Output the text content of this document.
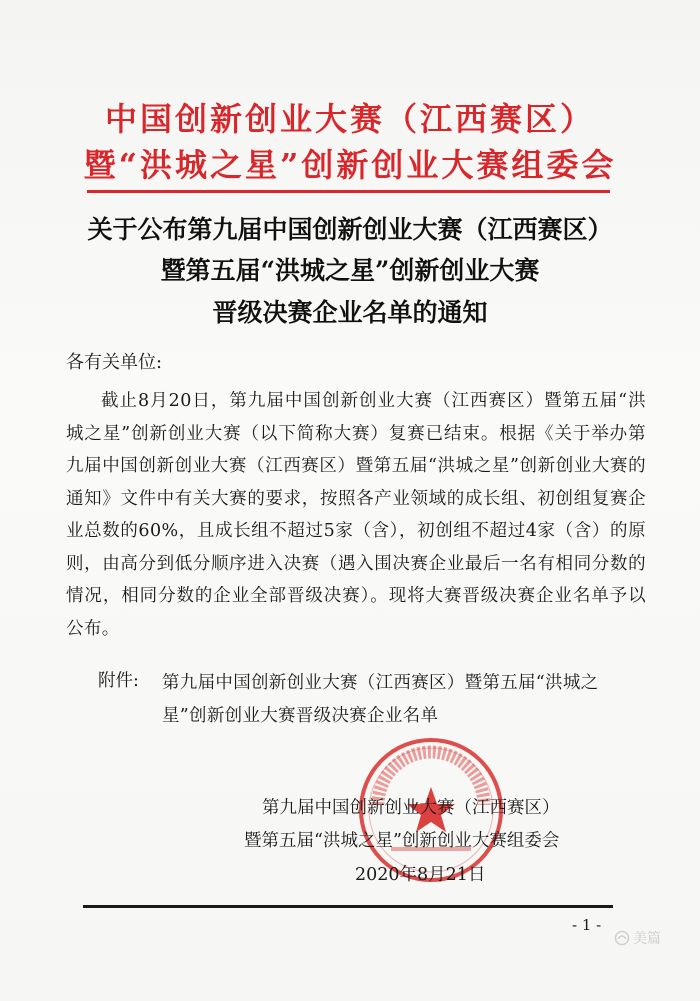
中国创新创业大赛（江西赛区）
暨“洪城之星”创新创业大赛组委会
关于公布第九届中国创新创业大赛（江西赛区）
暨第五届“洪城之星”创新创业大赛
晋级决赛企业名单的通知
各有关单位:
截止8月20日，第九届中国创新创业大赛（江西赛区）暨第五届“洪城之星”创新创业大赛（以下简称大赛）复赛已结束。根据《关于举办第九届中国创新创业大赛（江西赛区）暨第五届“洪城之星”创新创业大赛的通知》文件中有关大赛的要求，按照各产业领域的成长组、初创组复赛企业总数的60%，且成长组不超过5家（含），初创组不超过4家（含）的原则，由高分到低分顺序进入决赛（遇入围决赛企业最后一名有相同分数的情况，相同分数的企业全部晋级决赛）。现将大赛晋级决赛企业名单予以公布。
附件: 第九届中国创新创业大赛（江西赛区）暨第五届“洪城之星”创新创业大赛晋级决赛企业名单
第九届中国创新创业大赛（江西赛区）
暨第五届“洪城之星”创新创业大赛组委会
2020年8月21日
- 1 -
美篇
